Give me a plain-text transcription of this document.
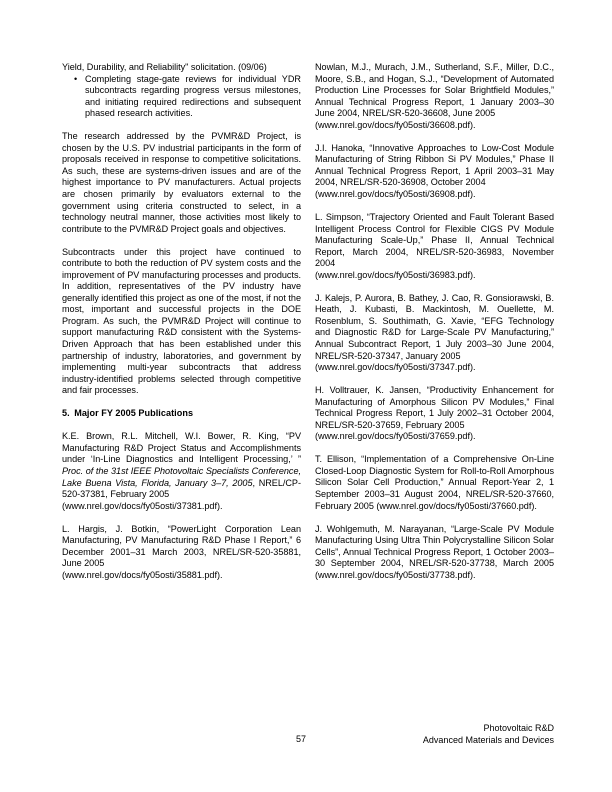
Yield, Durability, and Reliability" solicitation. (09/06)

• Completing stage-gate reviews for individual YDR subcontracts regarding progress versus milestones, and initiating required redirections and subsequent phased research activities.

The research addressed by the PVMR&D Project, is chosen by the U.S. PV industrial participants in the form of proposals received in response to competitive solicitations. As such, these are systems-driven issues and are of the highest importance to PV manufacturers. Actual projects are chosen primarily by evaluators external to the government using criteria constructed to select, in a technology neutral manner, those activities most likely to contribute to the PVMR&D Project goals and objectives.

Subcontracts under this project have continued to contribute to both the reduction of PV system costs and the improvement of PV manufacturing processes and products. In addition, representatives of the PV industry have generally identified this project as one of the most, if not the most, important and successful projects in the DOE Program. As such, the PVMR&D Project will continue to support manufacturing R&D consistent with the Systems-Driven Approach that has been established under this partnership of industry, laboratories, and government by implementing multi-year subcontracts that address industry-identified problems selected through competitive and fair processes.

5. Major FY 2005 Publications
K.E. Brown, R.L. Mitchell, W.I. Bower, R. King, “PV Manufacturing R&D Project Status and Accomplishments under ‘In-Line Diagnostics and Intelligent Processing,’ ” Proc. of the 31st IEEE Photovoltaic Specialists Conference, Lake Buena Vista, Florida, January 3–7, 2005, NREL/CP-520-37381, February 2005
(www.nrel.gov/docs/fy05osti/37381.pdf).
L. Hargis, J. Botkin, “PowerLight Corporation Lean Manufacturing, PV Manufacturing R&D Phase I Report,” 6 December 2001–31 March 2003, NREL/SR-520-35881, June 2005
(www.nrel.gov/docs/fy05osti/35881.pdf).
Nowlan, M.J., Murach, J.M., Sutherland, S.F., Miller, D.C., Moore, S.B., and Hogan, S.J., “Development of Automated Production Line Processes for Solar Brightfield Modules,” Annual Technical Progress Report, 1 January 2003–30 June 2004, NREL/SR-520-36608, June 2005
(www.nrel.gov/docs/fy05osti/36608.pdf).
J.I. Hanoka, “Innovative Approaches to Low-Cost Module Manufacturing of String Ribbon Si PV Modules,” Phase II Annual Technical Progress Report, 1 April 2003–31 May 2004, NREL/SR-520-36908, October 2004
(www.nrel.gov/docs/fy05osti/36908.pdf).
L. Simpson, “Trajectory Oriented and Fault Tolerant Based Intelligent Process Control for Flexible CIGS PV Module Manufacturing Scale-Up,” Phase II, Annual Technical Report, March 2004, NREL/SR-520-36983, November 2004
(www.nrel.gov/docs/fy05osti/36983.pdf).
J. Kalejs, P. Aurora, B. Bathey, J. Cao, R. Gonsiorawski, B. Heath, J. Kubasti, B. Mackintosh, M. Ouellette, M. Rosenblum, S. Southimath, G. Xavie, “EFG Technology and Diagnostic R&D for Large-Scale PV Manufacturing,” Annual Subcontract Report, 1 July 2003–30 June 2004, NREL/SR-520-37347, January 2005
(www.nrel.gov/docs/fy05osti/37347.pdf).
H. Volltrauer, K. Jansen, “Productivity Enhancement for Manufacturing of Amorphous Silicon PV Modules,” Final Technical Progress Report, 1 July 2002–31 October 2004, NREL/SR-520-37659, February 2005
(www.nrel.gov/docs/fy05osti/37659.pdf).
T. Ellison, “Implementation of a Comprehensive On-Line Closed-Loop Diagnostic System for Roll-to-Roll Amorphous Silicon Solar Cell Production,” Annual Report-Year 2, 1 September 2003–31 August 2004, NREL/SR-520-37660, February 2005 (www.nrel.gov/docs/fy05osti/37660.pdf).
J. Wohlgemuth, M. Narayanan, “Large-Scale PV Module Manufacturing Using Ultra Thin Polycrystalline Silicon Solar Cells”, Annual Technical Progress Report, 1 October 2003–30 September 2004, NREL/SR-520-37738, March 2005 (www.nrel.gov/docs/fy05osti/37738.pdf).
57
Photovoltaic R&D
Advanced Materials and Devices
